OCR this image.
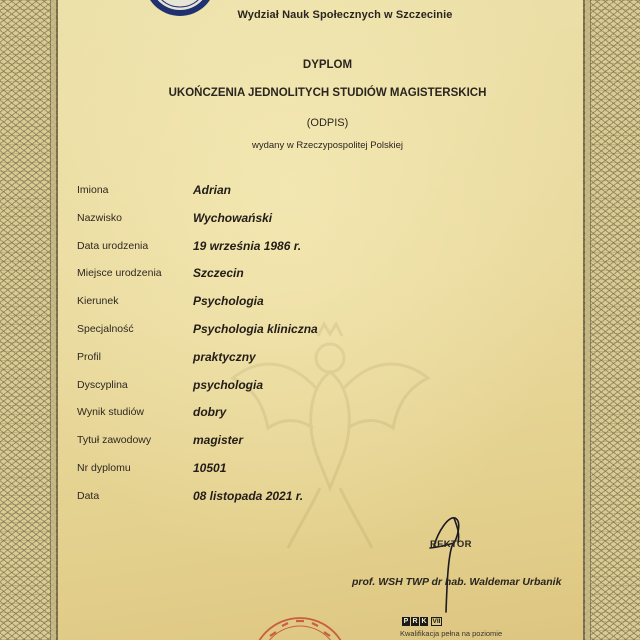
Wydział Nauk Społecznych w Szczecinie
DYPLOM
UKOŃCZENIA JEDNOLITYCH STUDIÓW MAGISTERSKICH
(ODPIS)
wydany w Rzeczypospolitej Polskiej
Imiona	Adrian
Nazwisko	Wychowański
Data urodzenia	19 września 1986 r.
Miejsce urodzenia	Szczecin
Kierunek	Psychologia
Specjalność	Psychologia kliniczna
Profil	praktyczny
Dyscyplina	psychologia
Wynik studiów	dobry
Tytuł zawodowy	magister
Nr dyplomu	10501
Data	08 listopada 2021 r.
REKTOR
prof. WSH TWP dr hab. Waldemar Urbanik
P R K VII
Kwalifikacja pełna na poziomie
